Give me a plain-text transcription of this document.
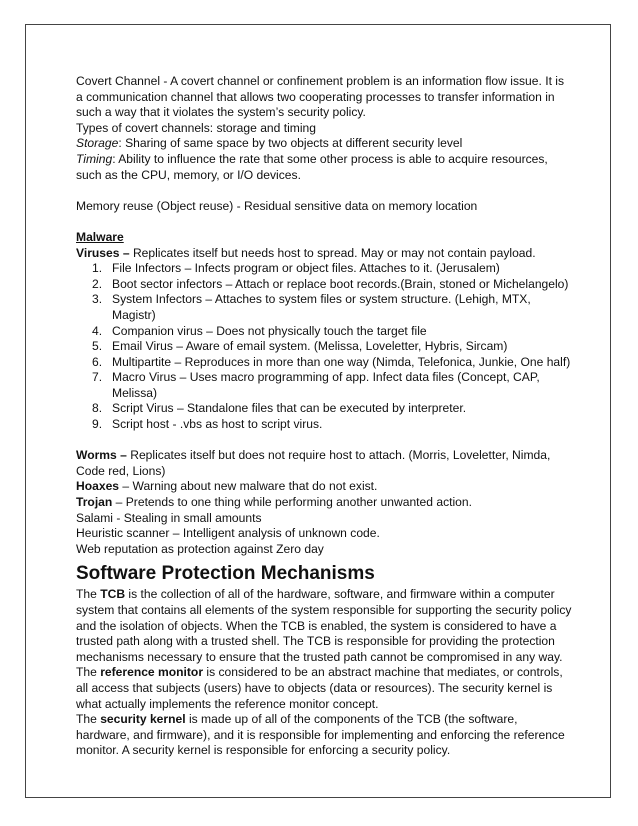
Covert Channel - A covert channel or confinement problem is an information flow issue. It is a communication channel that allows two cooperating processes to transfer information in such a way that it violates the system’s security policy.

Types of covert channels: storage and timing

Storage: Sharing of same space by two objects at different security level

Timing: Ability to influence the rate that some other process is able to acquire resources, such as the CPU, memory, or I/O devices.

Memory reuse (Object reuse) - Residual sensitive data on memory location

Malware

Viruses – Replicates itself but needs host to spread. May or may not contain payload.

1. File Infectors – Infects program or object files. Attaches to it. (Jerusalem)
2. Boot sector infectors – Attach or replace boot records.(Brain, stoned or Michelangelo)
3. System Infectors – Attaches to system files or system structure. (Lehigh, MTX, Magistr)
4. Companion virus – Does not physically touch the target file
5. Email Virus – Aware of email system. (Melissa, Loveletter, Hybris, Sircam)
6. Multipartite – Reproduces in more than one way (Nimda, Telefonica, Junkie, One half)
7. Macro Virus – Uses macro programming of app. Infect data files (Concept, CAP, Melissa)
8. Script Virus – Standalone files that can be executed by interpreter.
9. Script host - .vbs as host to script virus.

Worms – Replicates itself but does not require host to attach. (Morris, Loveletter, Nimda, Code red, Lions)

Hoaxes – Warning about new malware that do not exist.

Trojan – Pretends to one thing while performing another unwanted action.

Salami - Stealing in small amounts

Heuristic scanner – Intelligent analysis of unknown code.

Web reputation as protection against Zero day

Software Protection Mechanisms

The TCB is the collection of all of the hardware, software, and firmware within a computer system that contains all elements of the system responsible for supporting the security policy and the isolation of objects. When the TCB is enabled, the system is considered to have a trusted path along with a trusted shell. The TCB is responsible for providing the protection mechanisms necessary to ensure that the trusted path cannot be compromised in any way.

The reference monitor is considered to be an abstract machine that mediates, or controls, all access that subjects (users) have to objects (data or resources). The security kernel is what actually implements the reference monitor concept.

The security kernel is made up of all of the components of the TCB (the software, hardware, and firmware), and it is responsible for implementing and enforcing the reference monitor. A security kernel is responsible for enforcing a security policy.
